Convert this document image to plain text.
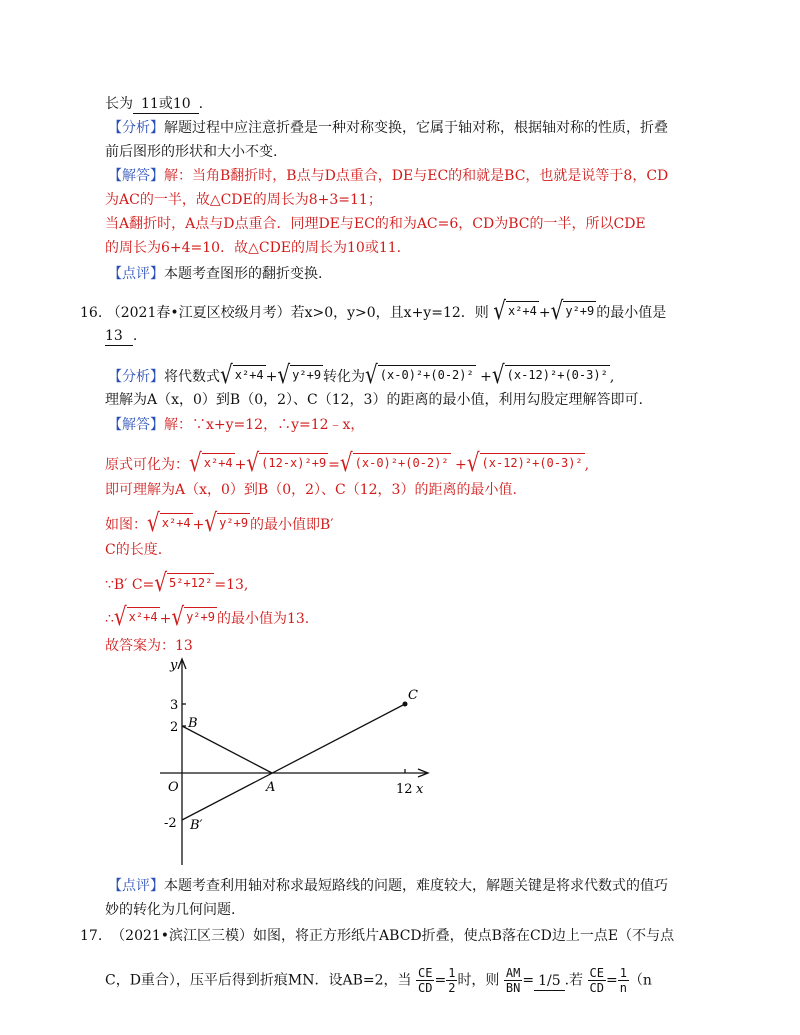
长为 11或10 .
【分析】解题过程中应注意折叠是一种对称变换，它属于轴对称，根据轴对称的性质，折叠
前后图形的形状和大小不变.
【解答】解：当角B翻折时，B点与D点重合，DE与EC的和就是BC，也就是说等于8，CD
为AC的一半，故△CDE的周长为8+3=11；
当A翻折时，A点与D点重合．同理DE与EC的和为AC=6，CD为BC的一半，所以CDE
的周长为6+4=10．故△CDE的周长为10或11.
【点评】本题考查图形的翻折变换.
16. （2021春•江夏区校级月考）若x>0，y>0，且x+y=12．则 √ x²+4 + √ y²+9 的最小值是
13 .
【分析】将代数式 √ x²+4 + √ y²+9 转化为 √ (x-0)²+(0-2)² + √ (x-12)²+(0-3)² ,
理解为A（x，0）到B（0，2）、C（12，3）的距离的最小值，利用勾股定理解答即可.
【解答】解：∵x+y=12，∴y=12﹣x，
原式可化为： √ x²+4 + √ (12-x)²+9 = √ (x-0)²+(0-2)² + √ (x-12)²+(0-3)² ,
即可理解为A（x，0）到B（0，2）、C（12，3）的距离的最小值.
如图： √ x²+4 + √ y²+9 的最小值即B′
C的长度.
∵B′ C= √ 5²+12² =13,
∴ √ x²+4 + √ y²+9 的最小值为13.
故答案为：13
y
3
2 B
C
O	A	12 x
-2 B′
【点评】本题考查利用轴对称求最短路线的问题，难度较大，解题关键是将求代数式的值巧
妙的转化为几何问题.
17. （2021•滨江区三模）如图，将正方形纸片ABCD折叠，使点B落在CD边上一点E（不与点
C，D重合），压平后得到折痕MN．设AB=2，当 $\frac{CE}{CD} = \frac{1}{2}$ 时，则 $\frac{AM}{BN} = 1/5$ .若 $\frac{CE}{CD} = \frac{1}{n} (n$
